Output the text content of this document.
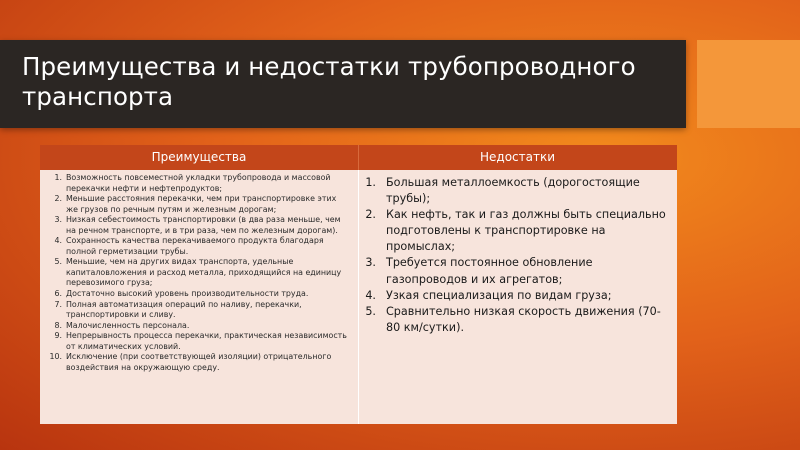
Преимущества и недостатки трубопроводного транспорта
Преимущества	Недостатки
1. Возможность повсеместной укладки трубопровода и массовой перекачки нефти и нефтепродуктов;
2. Меньшие расстояния перекачки, чем при транспортировке этих же грузов по речным путям и железным дорогам;
3. Низкая себестоимость транспортировки (в два раза меньше, чем на речном транспорте, и в три раза, чем по железным дорогам).
4. Сохранность качества перекачиваемого продукта благодаря полной герметизации трубы.
5. Меньшие, чем на других видах транспорта, удельные капиталовложения и расход металла, приходящийся на единицу перевозимого груза;
6. Достаточно высокий уровень производительности труда.
7. Полная автоматизация операций по наливу, перекачки, транспортировки и сливу.
8. Малочисленность персонала.
9. Непрерывность процесса перекачки, практическая независимость от климатических условий.
10. Исключение (при соответствующей изоляции) отрицательного воздействия на окружающую среду.
1. Большая металлоемкость (дорогостоящие трубы);
2. Как нефть, так и газ должны быть специально подготовлены к транспортировке на промыслах;
3. Требуется постоянное обновление газопроводов и их агрегатов;
4. Узкая специализация по видам груза;
5. Сравнительно низкая скорость движения (70-80 км/сутки).
